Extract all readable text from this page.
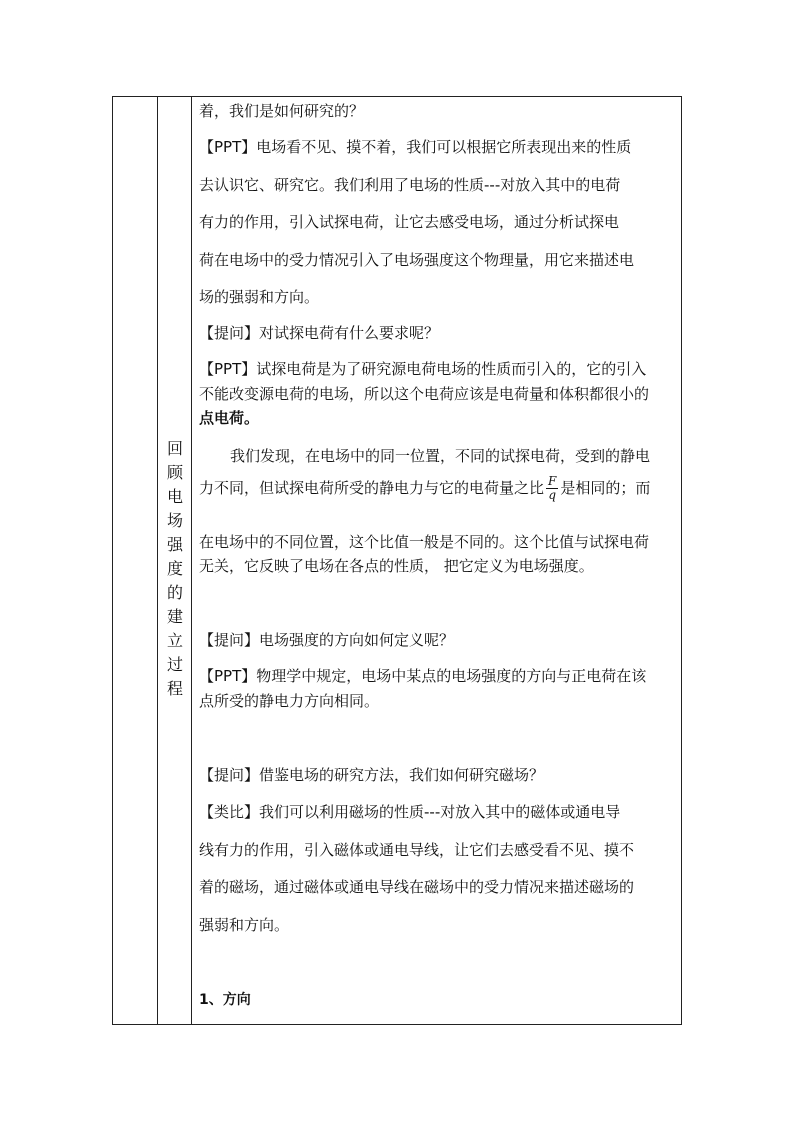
回
顾
电
场
强
度
的
建
立
过
程
着，我们是如何研究的？
【PPT】电场看不见、摸不着，我们可以根据它所表现出来的性质
去认识它、研究它。我们利用了电场的性质---对放入其中的电荷
有力的作用，引入试探电荷，让它去感受电场，通过分析试探电
荷在电场中的受力情况引入了电场强度这个物理量，用它来描述电
场的强弱和方向。
【提问】对试探电荷有什么要求呢？
【PPT】试探电荷是为了研究源电荷电场的性质而引入的，它的引入
不能改变源电荷的电场，所以这个电荷应该是电荷量和体积都很小的
点电荷。
我们发现，在电场中的同一位置，不同的试探电荷，受到的静电
力不同，但试探电荷所受的静电力与它的电荷量之比 $\frac{F}{q}$ 是相同的；而
在电场中的不同位置，这个比值一般是不同的。这个比值与试探电荷
无关，它反映了电场在各点的性质， 把它定义为电场强度。
【提问】电场强度的方向如何定义呢？
【PPT】物理学中规定，电场中某点的电场强度的方向与正电荷在该
点所受的静电力方向相同。
【提问】借鉴电场的研究方法，我们如何研究磁场？
【类比】我们可以利用磁场的性质---对放入其中的磁体或通电导
线有力的作用，引入磁体或通电导线，让它们去感受看不见、摸不
着的磁场，通过磁体或通电导线在磁场中的受力情况来描述磁场的
强弱和方向。
1、方向
